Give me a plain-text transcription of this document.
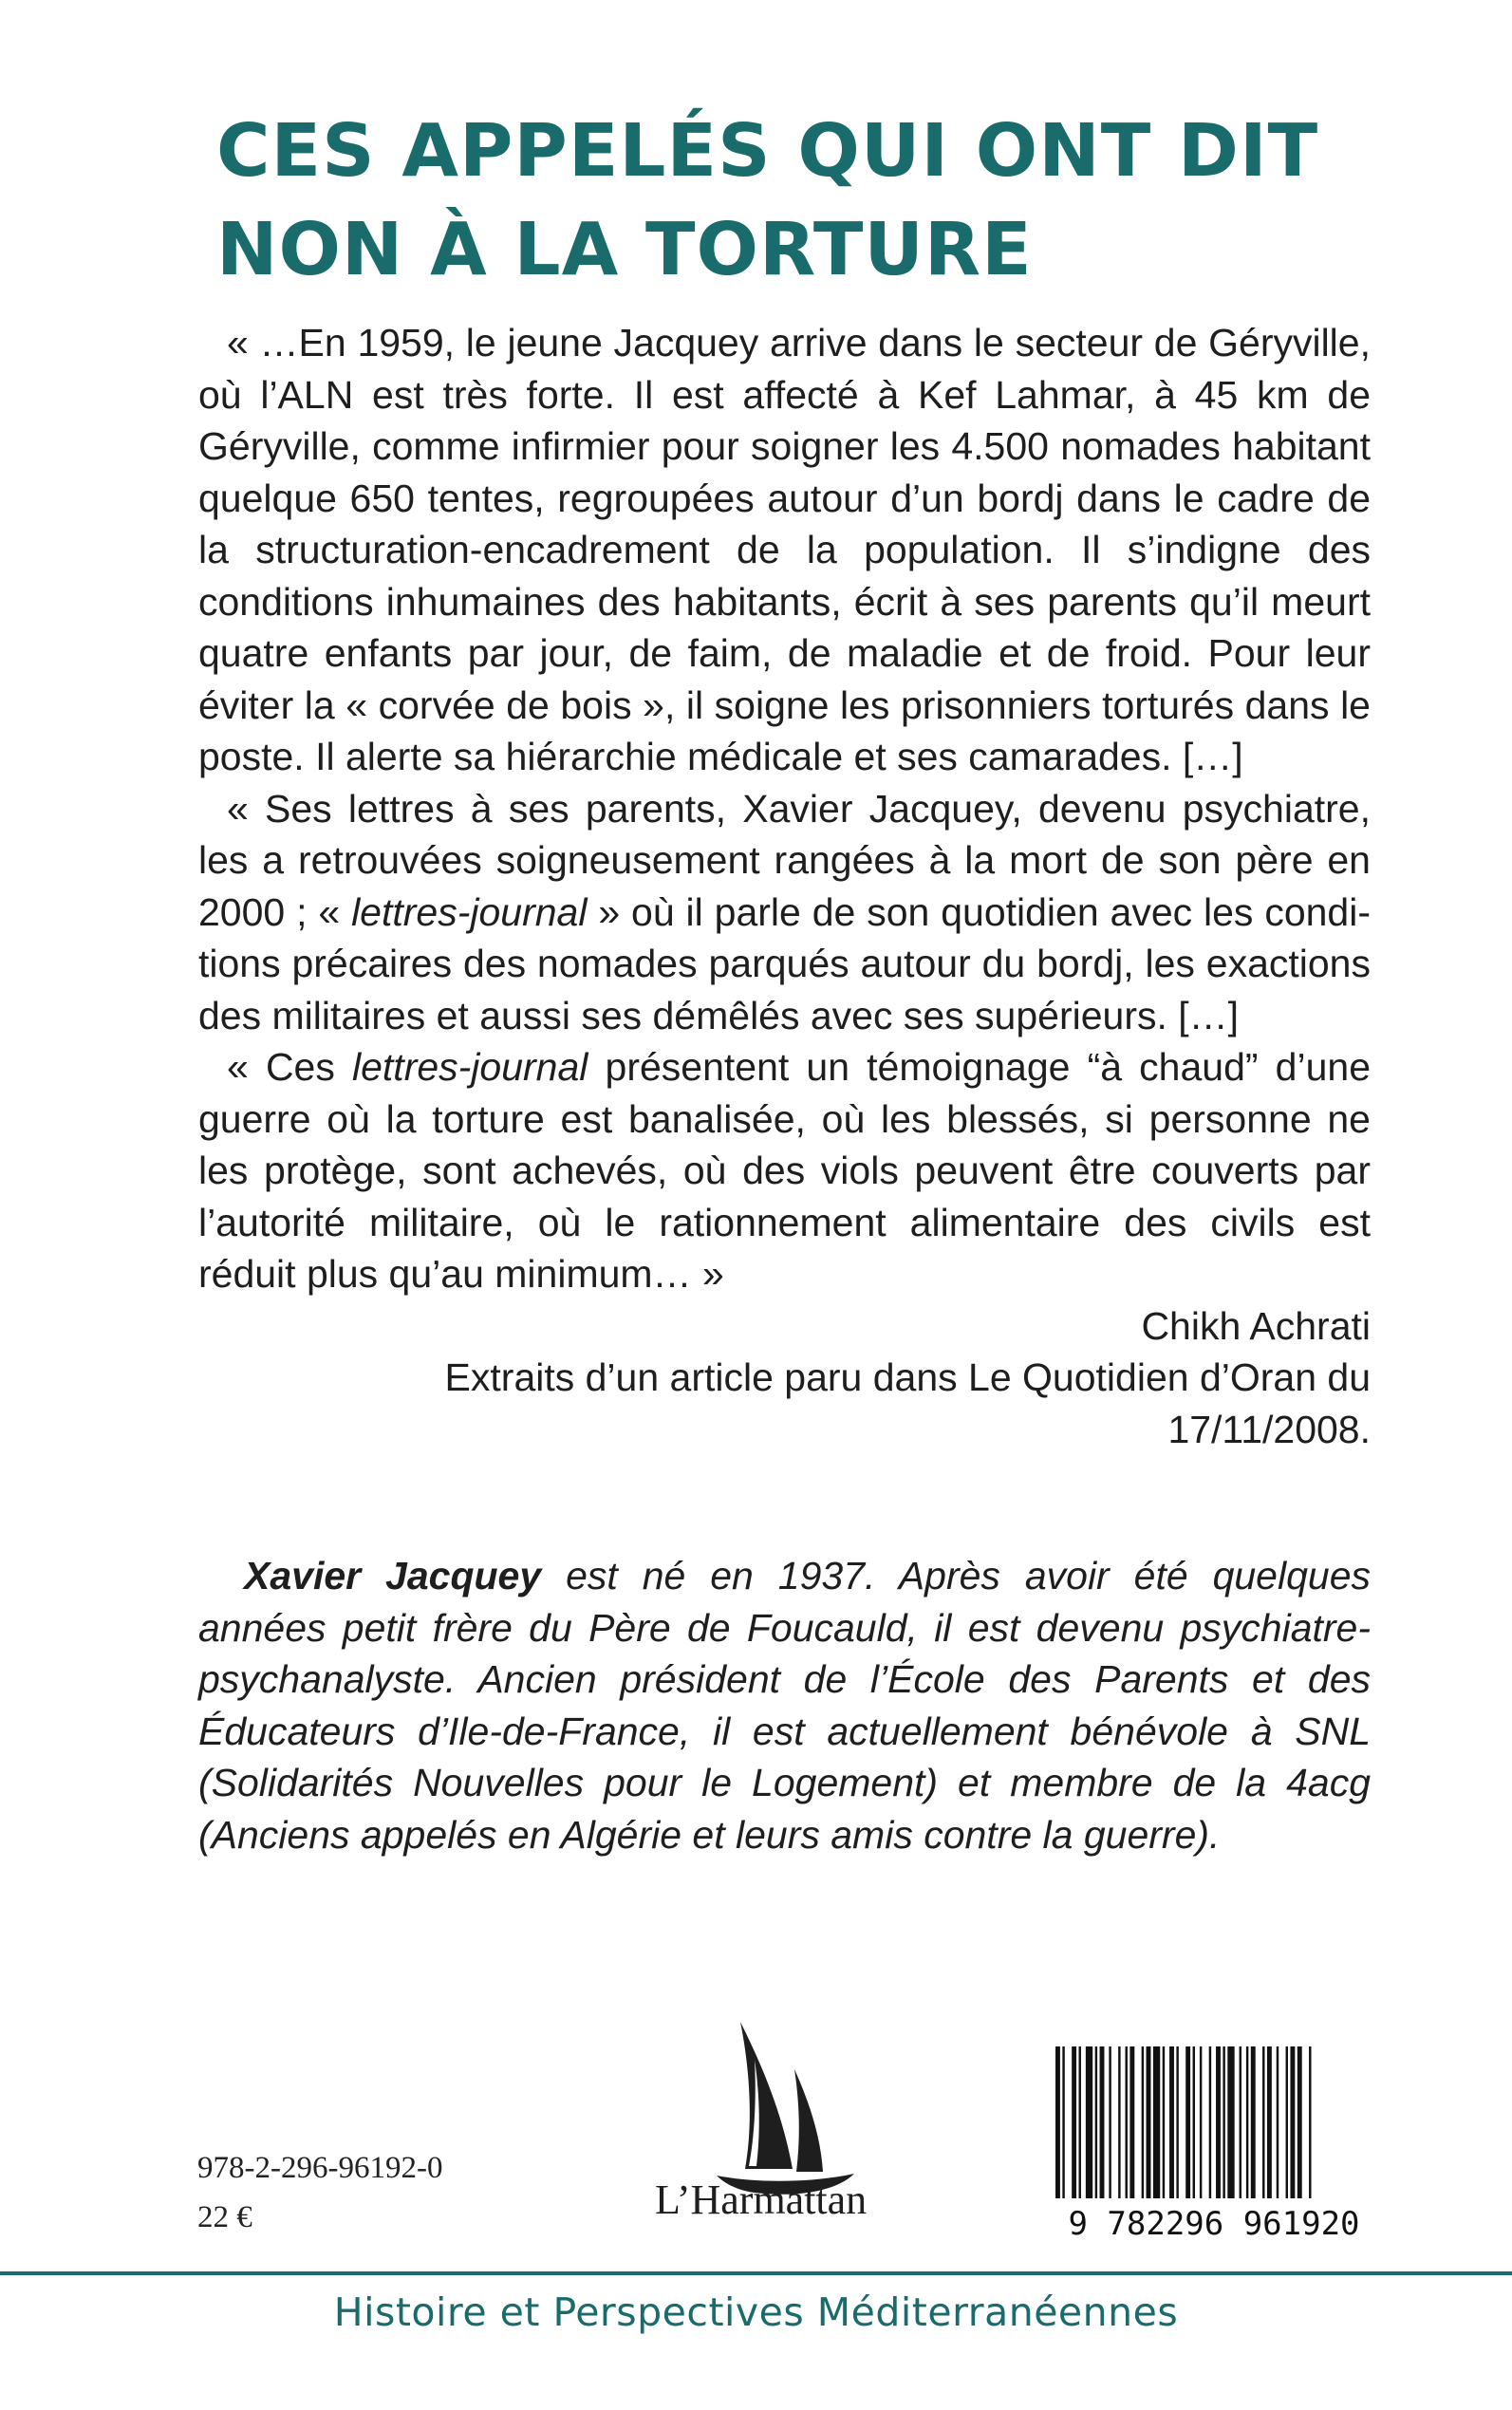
CES APPELÉS QUI ONT DIT
NON À LA TORTURE

« …En 1959, le jeune Jacquey arrive dans le secteur de Géryville, où l’ALN est très forte. Il est affecté à Kef Lahmar, à 45 km de Géryville, comme infirmier pour soigner les 4.500 nomades habitant quelque 650 tentes, regroupées autour d’un bordj dans le cadre de la structuration-encadrement de la population. Il s’indigne des conditions inhumaines des habitants, écrit à ses parents qu’il meurt quatre enfants par jour, de faim, de maladie et de froid. Pour leur éviter la « corvée de bois », il soigne les prisonniers torturés dans le poste. Il alerte sa hiérarchie médicale et ses camarades. […]

« Ses lettres à ses parents, Xavier Jacquey, devenu psychiatre, les a retrouvées soigneusement rangées à la mort de son père en 2000 ; « lettres-journal » où il parle de son quotidien avec les conditions précaires des nomades parqués autour du bordj, les exactions des militaires et aussi ses démêlés avec ses supérieurs. […]

« Ces lettres-journal présentent un témoignage “à chaud” d’une guerre où la torture est banalisée, où les blessés, si personne ne les protège, sont achevés, où des viols peuvent être couverts par l’autorité militaire, où le rationnement alimentaire des civils est réduit plus qu’au minimum… »

Chikh Achrati

Extraits d’un article paru dans Le Quotidien d’Oran du

17/11/2008.

Xavier Jacquey est né en 1937. Après avoir été quelques années petit frère du Père de Foucauld, il est devenu psychiatre-psychanalyste. Ancien président de l’École des Parents et des Éducateurs d’Ile-de-France, il est actuellement bénévole à SNL (Solidarités Nouvelles pour le Logement) et membre de la 4acg (Anciens appelés en Algérie et leurs amis contre la guerre).

978-2-296-96192-0
22 €	L’Harmattan
9 782296 961920
Histoire et Perspectives Méditerranéennes
